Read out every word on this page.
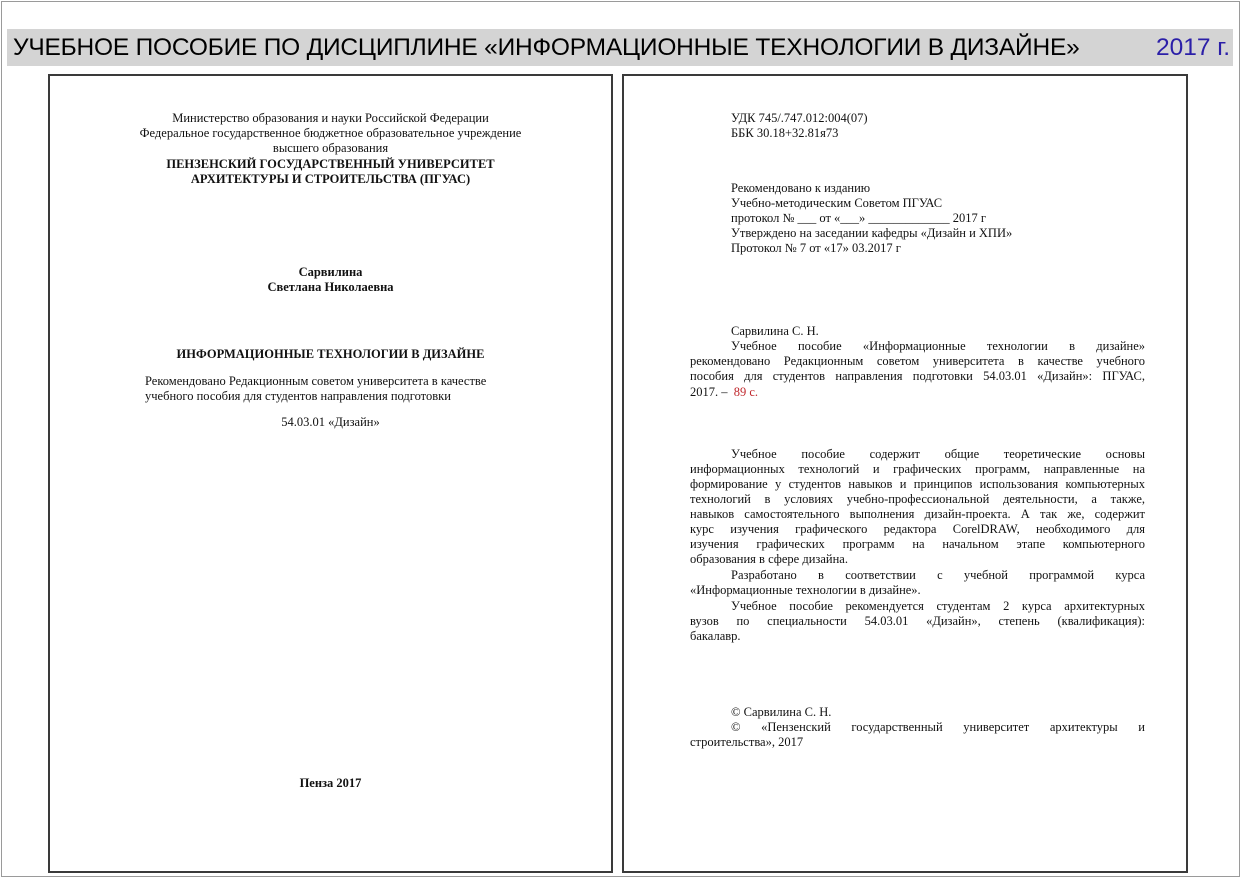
УЧЕБНОЕ ПОСОБИЕ ПО ДИСЦИПЛИНЕ «ИНФОРМАЦИОННЫЕ ТЕХНОЛОГИИ В ДИЗАЙНЕ»	2017 г.
Министерство образования и науки Российской Федерации
Федеральное государственное бюджетное образовательное учреждение
высшего образования
ПЕНЗЕНСКИЙ ГОСУДАРСТВЕННЫЙ УНИВЕРСИТЕТ
АРХИТЕКТУРЫ И СТРОИТЕЛЬСТВА (ПГУАС)
Сарвилина
Светлана Николаевна
ИНФОРМАЦИОННЫЕ ТЕХНОЛОГИИ В ДИЗАЙНЕ
Рекомендовано Редакционным советом университета в качестве
учебного пособия для студентов направления подготовки
54.03.01 «Дизайн»
Пенза 2017
УДК 745/.747.012:004(07)
ББК 30.18+32.81я73
Рекомендовано к изданию
Учебно-методическим Советом ПГУАС
протокол № ___ от «___» _____________ 2017 г
Утверждено на заседании кафедры «Дизайн и ХПИ»
Протокол № 7 от «17» 03.2017 г
Сарвилина С. Н.
Учебное пособие «Информационные технологии в дизайне»
рекомендовано Редакционным советом университета в качестве учебного
пособия для студентов направления подготовки 54.03.01 «Дизайн»: ПГУАС,
2017. – 89 с.
Учебное пособие содержит общие теоретические основы
информационных технологий и графических программ, направленные на
формирование у студентов навыков и принципов использования компьютерных
технологий в условиях учебно-профессиональной деятельности, а также,
навыков самостоятельного выполнения дизайн-проекта. А так же, содержит
курс изучения графического редактора CorelDRAW, необходимого для
изучения графических программ на начальном этапе компьютерного
образования в сфере дизайна.
Разработано в соответствии с учебной программой курса
«Информационные технологии в дизайне».
Учебное пособие рекомендуется студентам 2 курса архитектурных
вузов по специальности 54.03.01 «Дизайн», степень (квалификация):
бакалавр.
© Сарвилина С. Н.
© «Пензенский государственный университет архитектуры и
строительства», 2017
